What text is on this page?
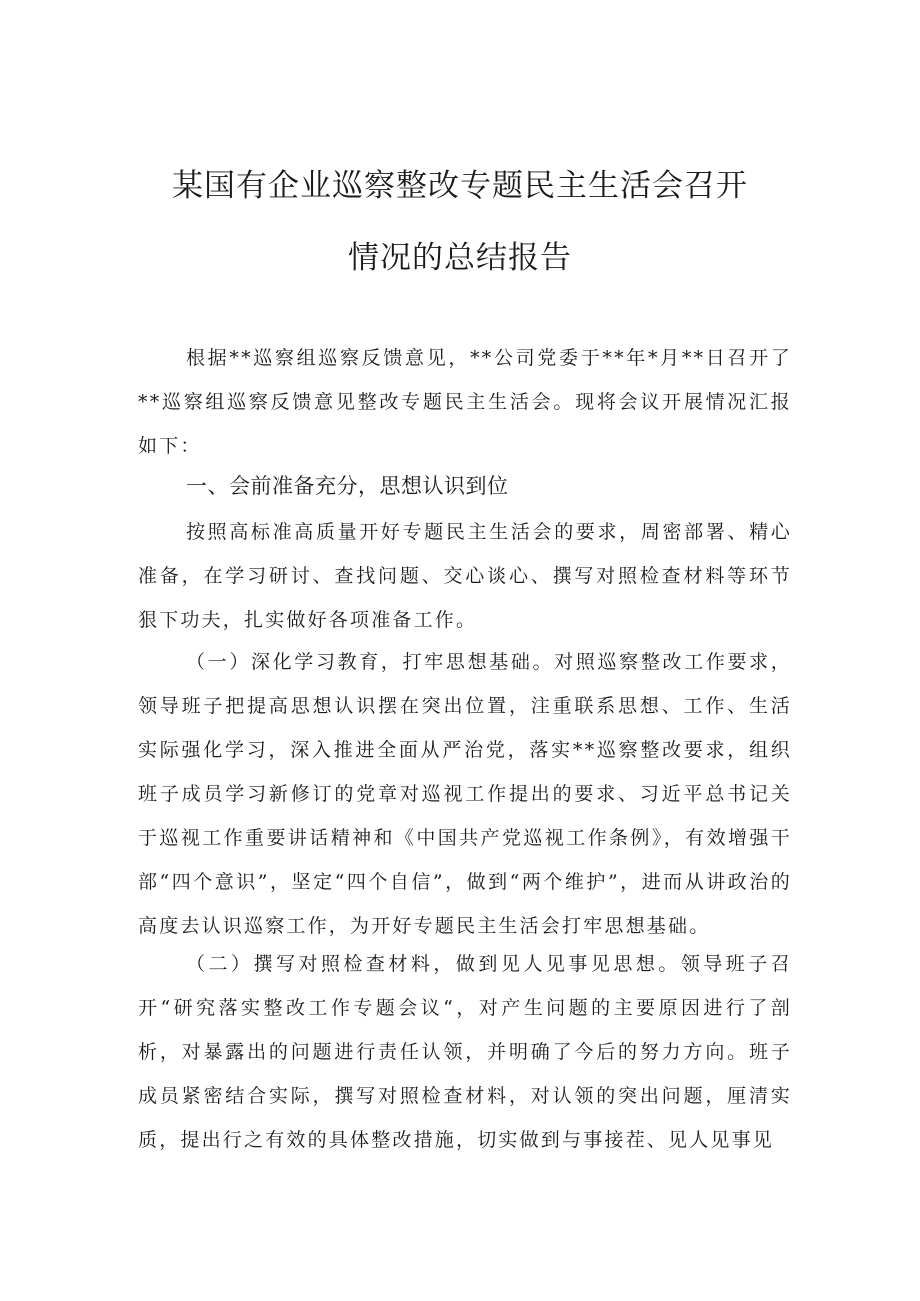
某国有企业巡察整改专题民主生活会召开
情况的总结报告
根据**巡察组巡察反馈意见，**公司党委于**年*月**日召开了**巡察组巡察反馈意见整改专题民主生活会。现将会议开展情况汇报如下：
一、会前准备充分，思想认识到位
按照高标准高质量开好专题民主生活会的要求，周密部署、精心准备，在学习研讨、查找问题、交心谈心、撰写对照检查材料等环节狠下功夫，扎实做好各项准备工作。
（一）深化学习教育，打牢思想基础。对照巡察整改工作要求，领导班子把提高思想认识摆在突出位置，注重联系思想、工作、生活实际强化学习，深入推进全面从严治党，落实**巡察整改要求，组织班子成员学习新修订的党章对巡视工作提出的要求、习近平总书记关于巡视工作重要讲话精神和《中国共产党巡视工作条例》，有效增强干部“四个意识”，坚定“四个自信”，做到“两个维护”，进而从讲政治的高度去认识巡察工作，为开好专题民主生活会打牢思想基础。
（二）撰写对照检查材料，做到见人见事见思想。领导班子召开“研究落实整改工作专题会议“，对产生问题的主要原因进行了剖析，对暴露出的问题进行责任认领，并明确了今后的努力方向。班子成员紧密结合实际，撰写对照检查材料，对认领的突出问题，厘清实质，提出行之有效的具体整改措施，切实做到与事接茬、见人见事见
